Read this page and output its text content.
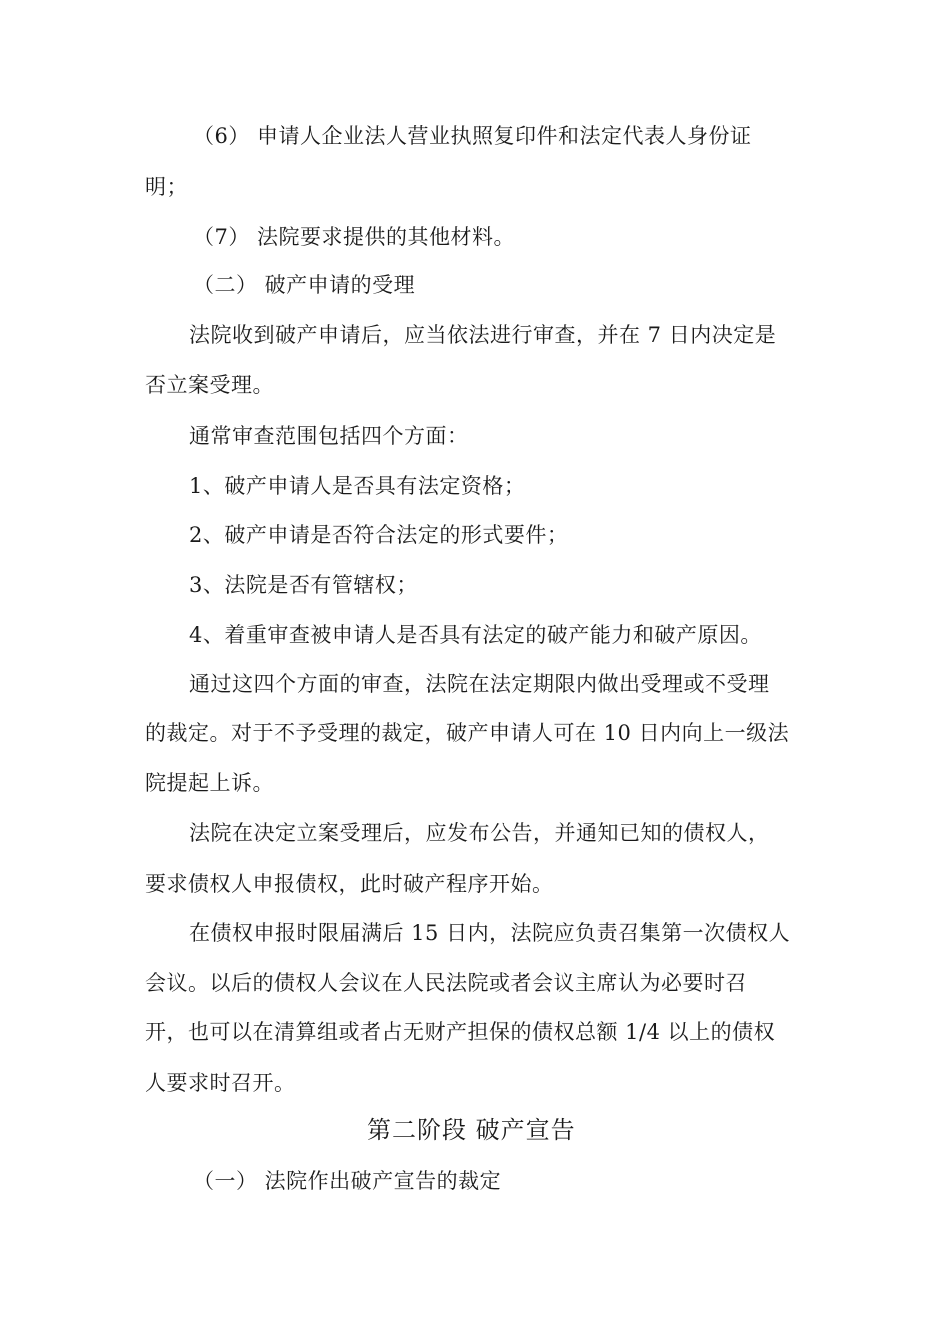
（6） 申请人企业法人营业执照复印件和法定代表人身份证
明；
（7） 法院要求提供的其他材料。
（二） 破产申请的受理
法院收到破产申请后，应当依法进行审查，并在 7 日内决定是
否立案受理。
通常审查范围包括四个方面：
1、破产申请人是否具有法定资格；
2、破产申请是否符合法定的形式要件；
3、法院是否有管辖权；
4、着重审查被申请人是否具有法定的破产能力和破产原因。
通过这四个方面的审查，法院在法定期限内做出受理或不受理
的裁定。对于不予受理的裁定，破产申请人可在 10 日内向上一级法
院提起上诉。
法院在决定立案受理后，应发布公告，并通知已知的债权人，
要求债权人申报债权，此时破产程序开始。
在债权申报时限届满后 15 日内，法院应负责召集第一次债权人
会议。以后的债权人会议在人民法院或者会议主席认为必要时召
开，也可以在清算组或者占无财产担保的债权总额 1/4 以上的债权
人要求时召开。
第二阶段 破产宣告
（一） 法院作出破产宣告的裁定
